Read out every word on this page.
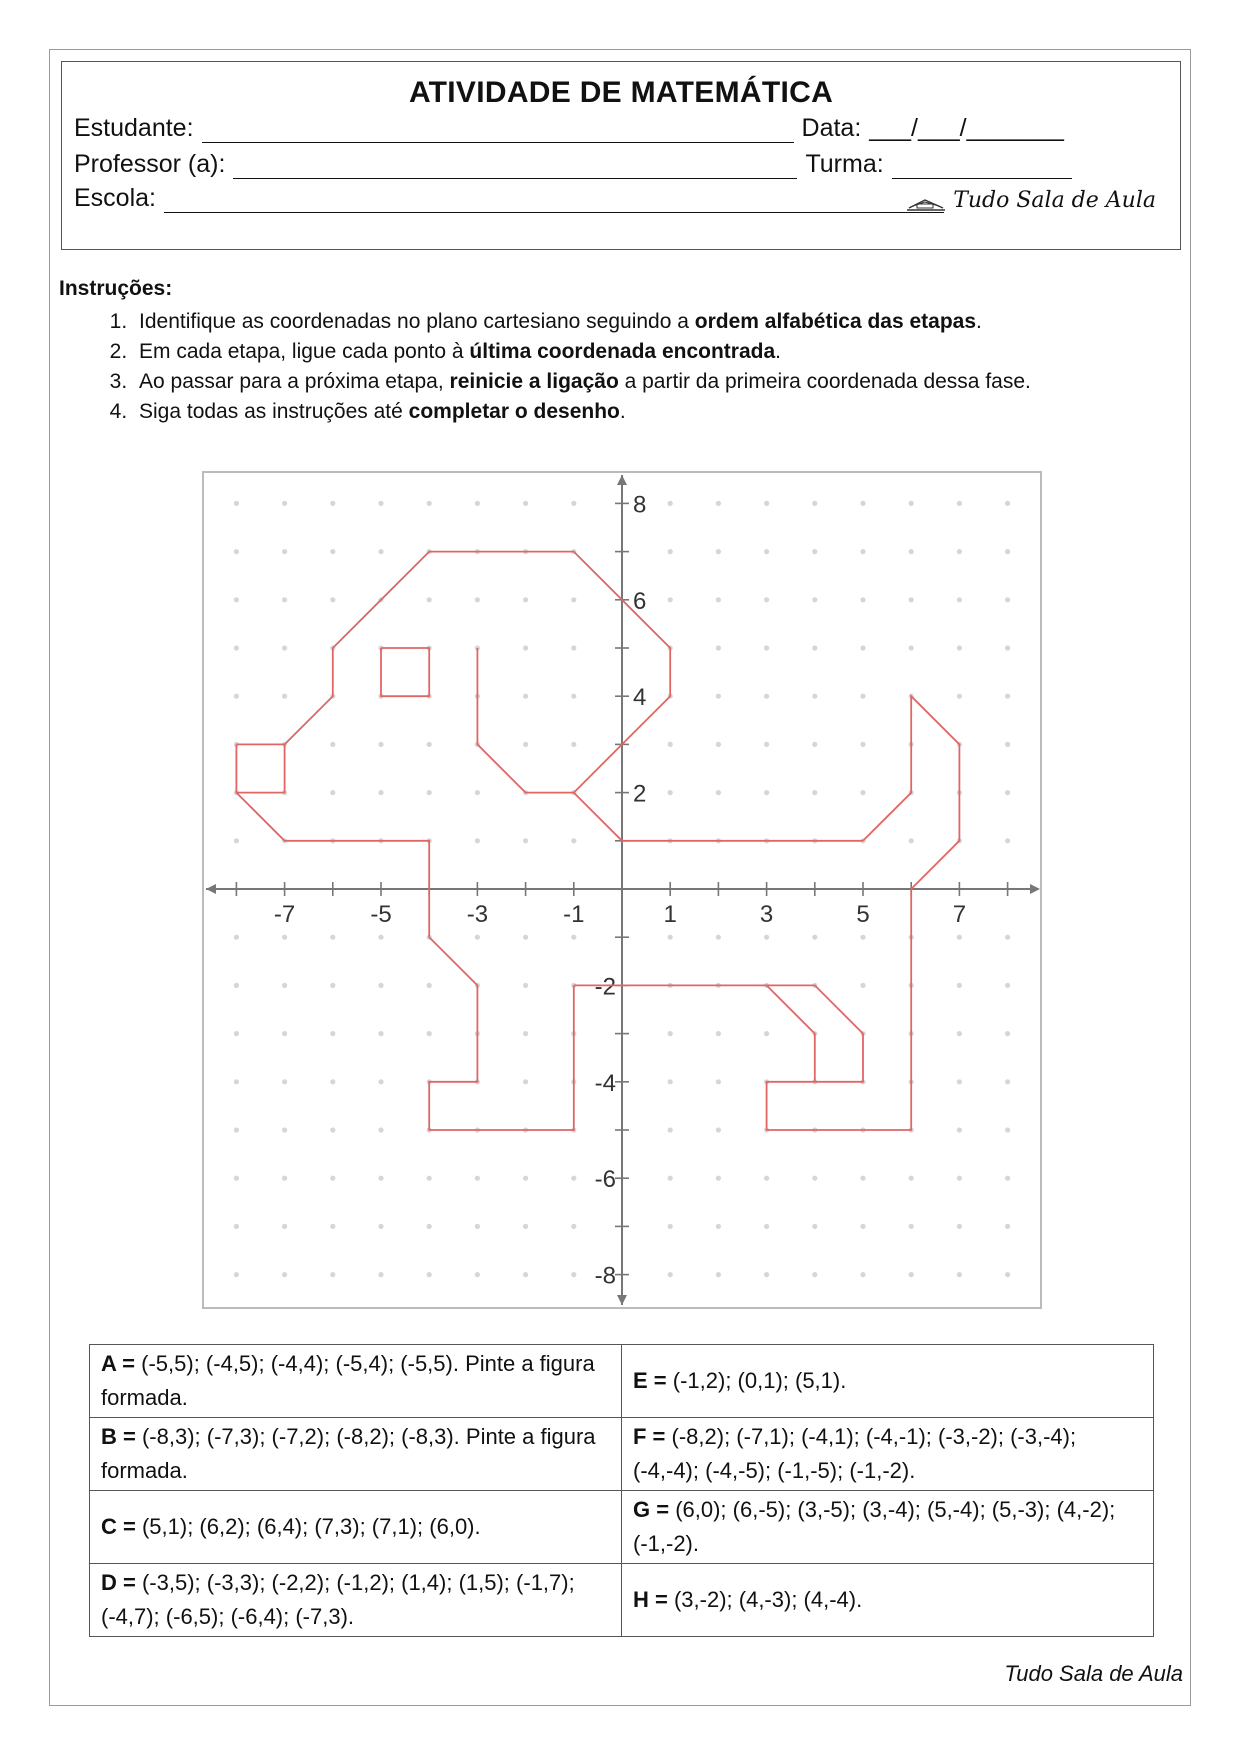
ATIVIDADE DE MATEMÁTICA
Estudante:	Data: ___/___/_______
Professor (a):	Turma:
Escola:	Tudo Sala de Aula
Instruções:
1. Identifique as coordenadas no plano cartesiano seguindo a ordem alfabética das etapas.
2. Em cada etapa, ligue cada ponto à última coordenada encontrada.
3. Ao passar para a próxima etapa, reinicie a ligação a partir da primeira coordenada dessa fase.
4. Siga todas as instruções até completar o desenho.
-7	-5	-3	-1	1	3	5	7
8
6
4
2
-2
-4
-6
-8
A = (-5,5); (-4,5); (-4,4); (-5,4); (-5,5). Pinte a figura formada.	E = (-1,2); (0,1); (5,1).
B = (-8,3); (-7,3); (-7,2); (-8,2); (-8,3). Pinte a figura formada.	F = (-8,2); (-7,1); (-4,1); (-4,-1); (-3,-2); (-3,-4); (-4,-4); (-4,-5); (-1,-5); (-1,-2).
C = (5,1); (6,2); (6,4); (7,3); (7,1); (6,0).	G = (6,0); (6,-5); (3,-5); (3,-4); (5,-4); (5,-3); (4,-2); (-1,-2).
D = (-3,5); (-3,3); (-2,2); (-1,2); (1,4); (1,5); (-1,7); (-4,7); (-6,5); (-6,4); (-7,3).	H = (3,-2); (4,-3); (4,-4).
Tudo Sala de Aula
